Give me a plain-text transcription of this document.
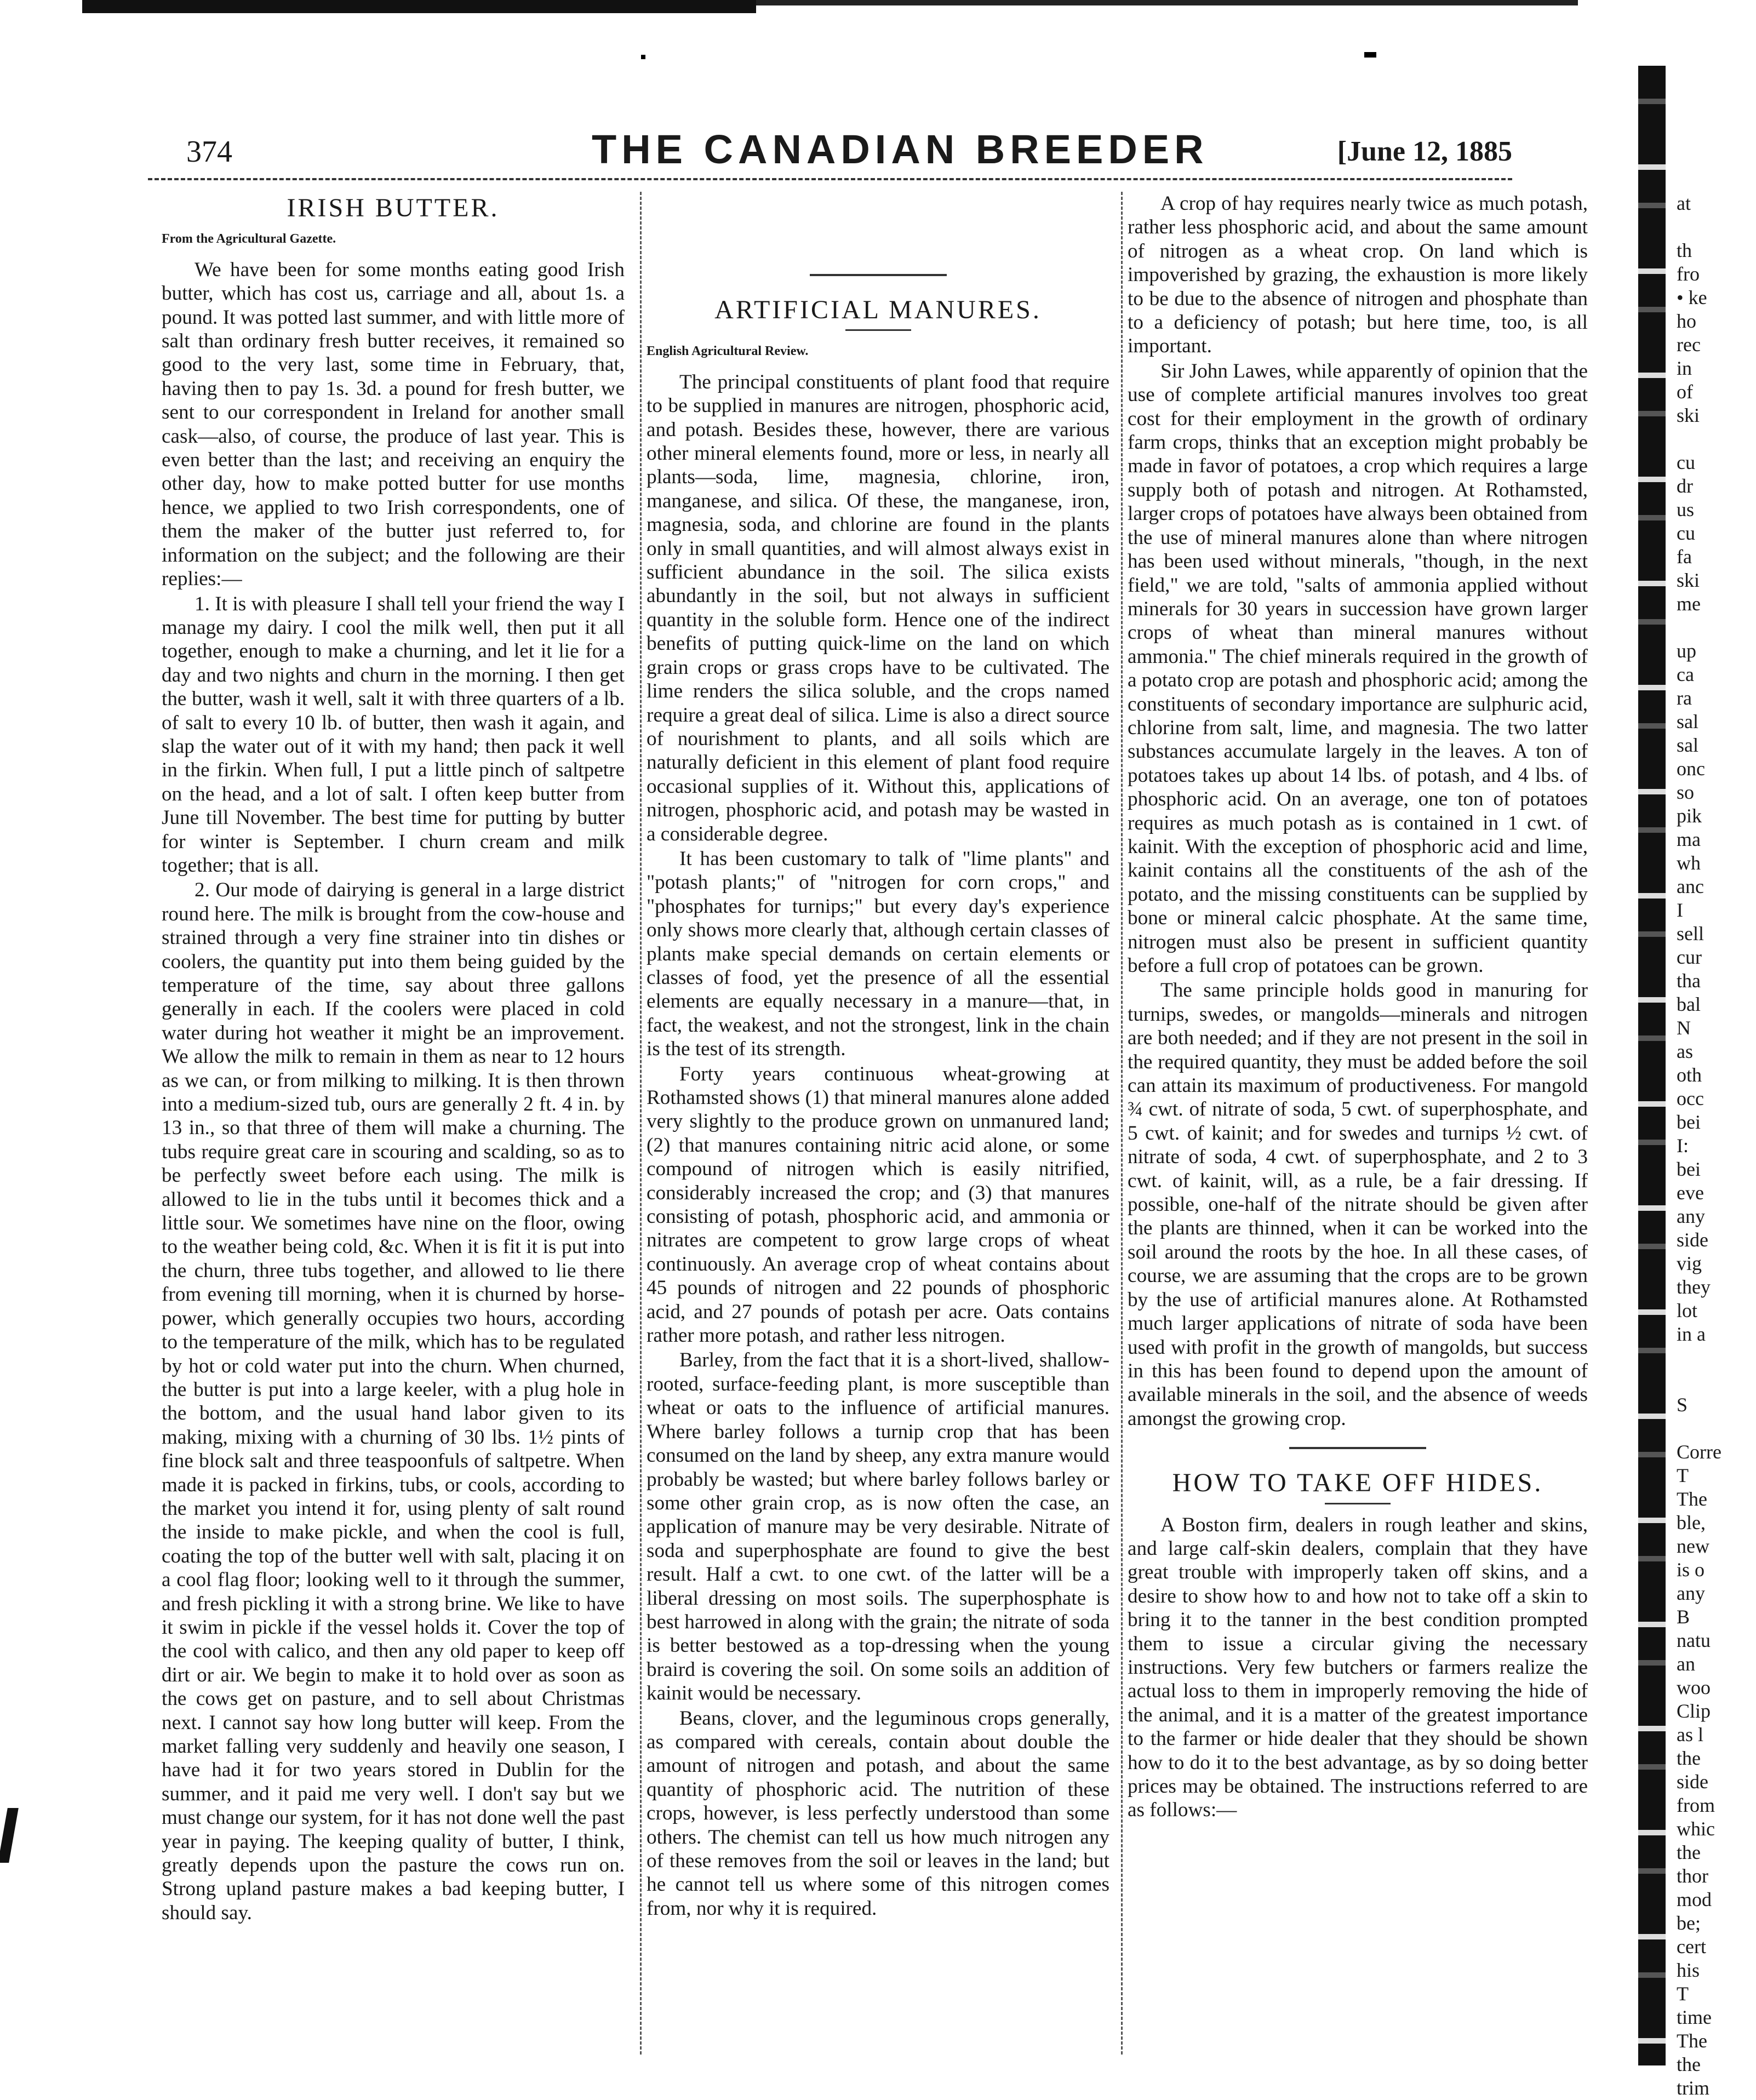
374	THE CANADIAN BREEDER	[June 12, 1885
IRISH BUTTER.
From the Agricultural Gazette.

We have been for some months eating good Irish butter, which has cost us, carriage and all, about 1s. a pound. It was potted last summer, and with little more of salt than ordinary fresh butter receives, it remained so good to the very last, some time in February, that, having then to pay 1s. 3d. a pound for fresh butter, we sent to our correspondent in Ireland for another small cask—also, of course, the produce of last year. This is even better than the last; and receiving an enquiry the other day, how to make potted butter for use months hence, we applied to two Irish correspondents, one of them the maker of the butter just referred to, for information on the subject; and the following are their replies:—

1. It is with pleasure I shall tell your friend the way I manage my dairy. I cool the milk well, then put it all together, enough to make a churning, and let it lie for a day and two nights and churn in the morning. I then get the butter, wash it well, salt it with three quarters of a lb. of salt to every 10 lb. of butter, then wash it again, and slap the water out of it with my hand; then pack it well in the firkin. When full, I put a little pinch of saltpetre on the head, and a lot of salt. I often keep butter from June till November. The best time for putting by butter for winter is September. I churn cream and milk together; that is all.

2. Our mode of dairying is general in a large district round here. The milk is brought from the cow-house and strained through a very fine strainer into tin dishes or coolers, the quantity put into them being guided by the temperature of the time, say about three gallons generally in each. If the coolers were placed in cold water during hot weather it might be an improvement. We allow the milk to remain in them as near to 12 hours as we can, or from milking to milking. It is then thrown into a medium-sized tub, ours are generally 2 ft. 4 in. by 13 in., so that three of them will make a churning. The tubs require great care in scouring and scalding, so as to be perfectly sweet before each using. The milk is allowed to lie in the tubs until it becomes thick and a little sour. We sometimes have nine on the floor, owing to the weather being cold, &c. When it is fit it is put into the churn, three tubs together, and allowed to lie there from evening till morning, when it is churned by horse-power, which generally occupies two hours, according to the temperature of the milk, which has to be regulated by hot or cold water put into the churn. When churned, the butter is put into a large keeler, with a plug hole in the bottom, and the usual hand labor given to its making, mixing with a churning of 30 lbs. 1½ pints of fine block salt and three teaspoonfuls of saltpetre. When made it is packed in firkins, tubs, or cools, according to the market you intend it for, using plenty of salt round the inside to make pickle, and when the cool is full, coating the top of the butter well with salt, placing it on a cool flag floor; looking well to it through the summer, and fresh pickling it with a strong brine. We like to have it swim in pickle if the vessel holds it. Cover the top of the cool with calico, and then any old paper to keep off dirt or air. We begin to make it to hold over as soon as the cows get on pasture, and to sell about Christmas next. I cannot say how long butter will keep. From the market falling very suddenly and heavily one season, I have had it for two years stored in Dublin for the summer, and it paid me very well. I don't say but we must change our system, for it has not done well the past year in paying. The keeping quality of butter, I think, greatly depends upon the pasture the cows run on. Strong upland pasture makes a bad keeping butter, I should say.

ARTIFICIAL MANURES.
English Agricultural Review.

The principal constituents of plant food that require to be supplied in manures are nitrogen, phosphoric acid, and potash. Besides these, however, there are various other mineral elements found, more or less, in nearly all plants—soda, lime, magnesia, chlorine, iron, manganese, and silica. Of these, the manganese, iron, magnesia, soda, and chlorine are found in the plants only in small quantities, and will almost always exist in sufficient abundance in the soil. The silica exists abundantly in the soil, but not always in sufficient quantity in the soluble form. Hence one of the indirect benefits of putting quick-lime on the land on which grain crops or grass crops have to be cultivated. The lime renders the silica soluble, and the crops named require a great deal of silica. Lime is also a direct source of nourishment to plants, and all soils which are naturally deficient in this element of plant food require occasional supplies of it. Without this, applications of nitrogen, phosphoric acid, and potash may be wasted in a considerable degree.

It has been customary to talk of "lime plants" and "potash plants;" of "nitrogen for corn crops," and "phosphates for turnips;" but every day's experience only shows more clearly that, although certain classes of plants make special demands on certain elements or classes of food, yet the presence of all the essential elements are equally necessary in a manure—that, in fact, the weakest, and not the strongest, link in the chain is the test of its strength.

Forty years continuous wheat-growing at Rothamsted shows (1) that mineral manures alone added very slightly to the produce grown on unmanured land; (2) that manures containing nitric acid alone, or some compound of nitrogen which is easily nitrified, considerably increased the crop; and (3) that manures consisting of potash, phosphoric acid, and ammonia or nitrates are competent to grow large crops of wheat continuously. An average crop of wheat contains about 45 pounds of nitrogen and 22 pounds of phosphoric acid, and 27 pounds of potash per acre. Oats contains rather more potash, and rather less nitrogen.

Barley, from the fact that it is a short-lived, shallow-rooted, surface-feeding plant, is more susceptible than wheat or oats to the influence of artificial manures. Where barley follows a turnip crop that has been consumed on the land by sheep, any extra manure would probably be wasted; but where barley follows barley or some other grain crop, as is now often the case, an application of manure may be very desirable. Nitrate of soda and superphosphate are found to give the best result. Half a cwt. to one cwt. of the latter will be a liberal dressing on most soils. The superphosphate is best harrowed in along with the grain; the nitrate of soda is better bestowed as a top-dressing when the young braird is covering the soil. On some soils an addition of kainit would be necessary.

Beans, clover, and the leguminous crops generally, as compared with cereals, contain about double the amount of nitrogen and potash, and about the same quantity of phosphoric acid. The nutrition of these crops, however, is less perfectly understood than some others. The chemist can tell us how much nitrogen any of these removes from the soil or leaves in the land; but he cannot tell us where some of this nitrogen comes from, nor why it is required.

A crop of hay requires nearly twice as much potash, rather less phosphoric acid, and about the same amount of nitrogen as a wheat crop. On land which is impoverished by grazing, the exhaustion is more likely to be due to the absence of nitrogen and phosphate than to a deficiency of potash; but here time, too, is all important.

Sir John Lawes, while apparently of opinion that the use of complete artificial manures involves too great cost for their employment in the growth of ordinary farm crops, thinks that an exception might probably be made in favor of potatoes, a crop which requires a large supply both of potash and nitrogen. At Rothamsted, larger crops of potatoes have always been obtained from the use of mineral manures alone than where nitrogen has been used without minerals, "though, in the next field," we are told, "salts of ammonia applied without minerals for 30 years in succession have grown larger crops of wheat than mineral manures without ammonia." The chief minerals required in the growth of a potato crop are potash and phosphoric acid; among the constituents of secondary importance are sulphuric acid, chlorine from salt, lime, and magnesia. The two latter substances accumulate largely in the leaves. A ton of potatoes takes up about 14 lbs. of potash, and 4 lbs. of phosphoric acid. On an average, one ton of potatoes requires as much potash as is contained in 1 cwt. of kainit. With the exception of phosphoric acid and lime, kainit contains all the constituents of the ash of the potato, and the missing constituents can be supplied by bone or mineral calcic phosphate. At the same time, nitrogen must also be present in sufficient quantity before a full crop of potatoes can be grown.

The same principle holds good in manuring for turnips, swedes, or mangolds—minerals and nitrogen are both needed; and if they are not present in the soil in the required quantity, they must be added before the soil can attain its maximum of productiveness. For mangold ¾ cwt. of nitrate of soda, 5 cwt. of superphosphate, and 5 cwt. of kainit; and for swedes and turnips ½ cwt. of nitrate of soda, 4 cwt. of superphosphate, and 2 to 3 cwt. of kainit, will, as a rule, be a fair dressing. If possible, one-half of the nitrate should be given after the plants are thinned, when it can be worked into the soil around the roots by the hoe. In all these cases, of course, we are assuming that the crops are to be grown by the use of artificial manures alone. At Rothamsted much larger applications of nitrate of soda have been used with profit in the growth of mangolds, but success in this has been found to depend upon the amount of available minerals in the soil, and the absence of weeds amongst the growing crop.

HOW TO TAKE OFF HIDES.

A Boston firm, dealers in rough leather and skins, and large calf-skin dealers, complain that they have great trouble with improperly taken off skins, and a desire to show how to and how not to take off a skin to bring it to the tanner in the best condition prompted them to issue a circular giving the necessary instructions. Very few butchers or farmers realize the actual loss to them in improperly removing the hide of the animal, and it is a matter of the greatest importance to the farmer or hide dealer that they should be shown how to do it to the best advantage, as by so doing better prices may be obtained. The instructions referred to are as follows:—

at
th
fro
• ke
ho
rec
in
of
ski
cu
dr
us
cu
fa
ski
me
up
ca
ra
sal
sal
onc
so
pik
ma
wh
anc
I
sell
cur
tha
bal
N
as
oth
occ
bei
I:
bei
eve
any
side
vig
they
lot
in a
S
Corre
T
The
ble,
new
is o
any
B
natu
an
woo
Clip
as l
the
side
from
whic
the
thor
mod
be;
cert
his
T
time
The
the
trim
